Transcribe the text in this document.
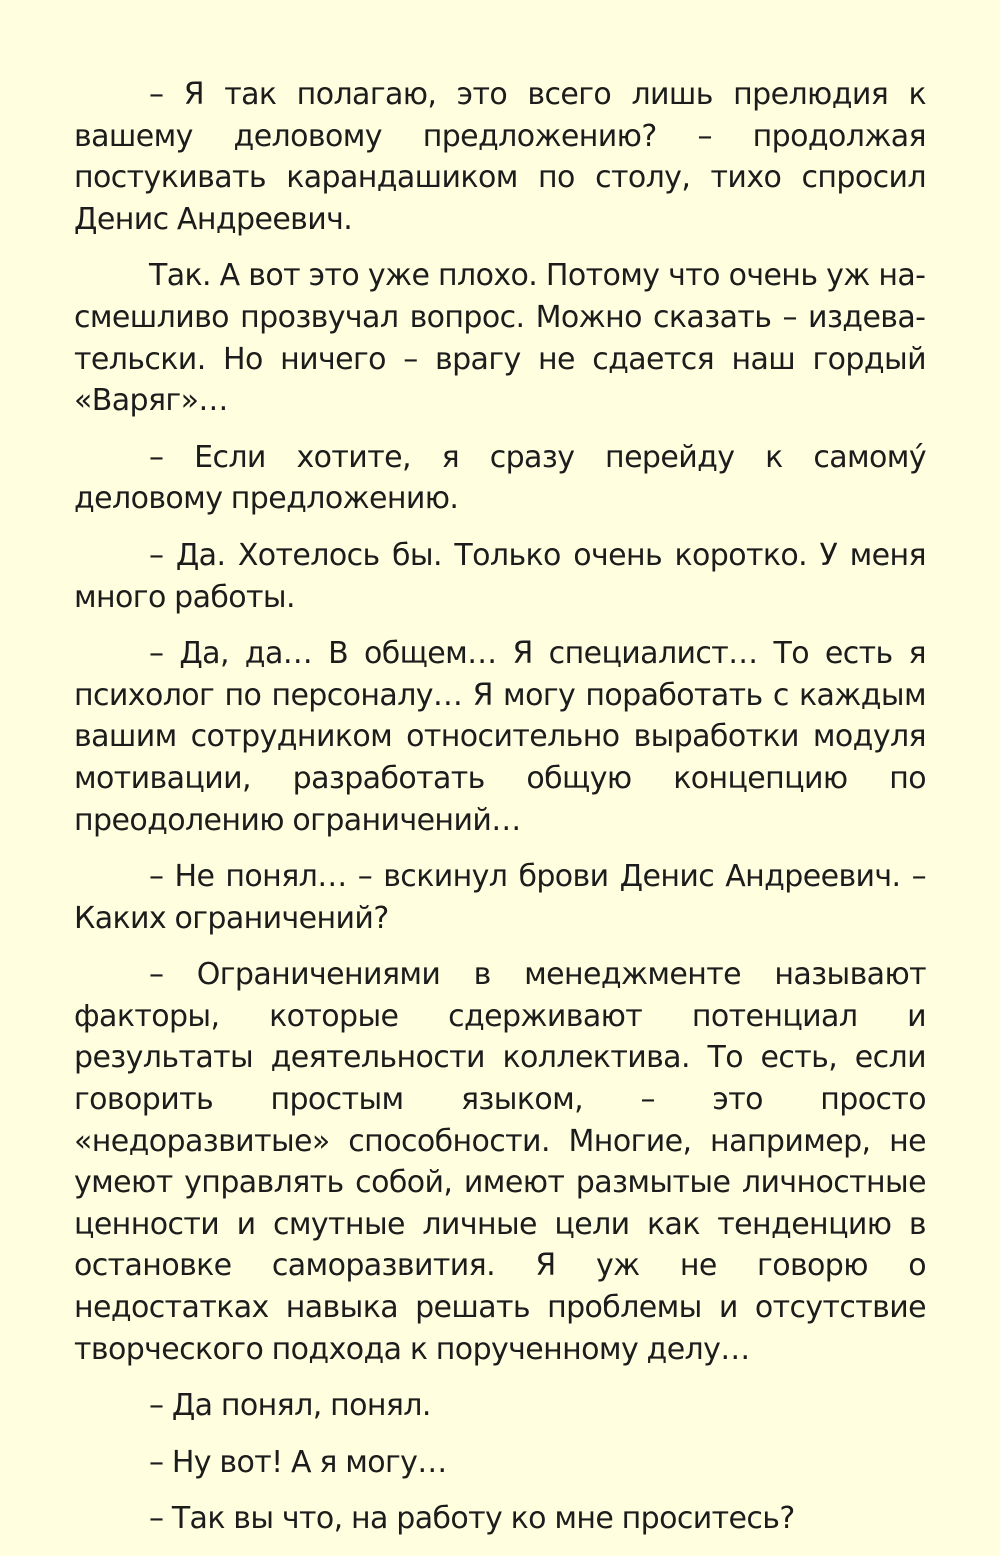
– Я так полагаю, это всего лишь прелюдия к вашему деловому предложению? – продолжая постукивать карандашиком по столу, тихо спросил Денис Андреевич.

Так. А вот это уже плохо. Потому что очень уж насмешливо прозвучал вопрос. Можно сказать – издевательски. Но ничего – врагу не сдается наш гордый «Варяг»…

– Если хотите, я сразу перейду к самому́ деловому предложению.

– Да. Хотелось бы. Только очень коротко. У меня много работы.

– Да, да… В общем… Я специалист… То есть я психолог по персоналу… Я могу поработать с каждым вашим сотрудником относительно выработки модуля мотивации, разработать общую концепцию по преодолению ограничений…

– Не понял… – вскинул брови Денис Андреевич. – Каких ограничений?

– Ограничениями в менеджменте называют факторы, которые сдерживают потенциал и результаты деятельности коллектива. То есть, если говорить простым языком, – это просто «недоразвитые» способности. Многие, например, не умеют управлять собой, имеют размытые личностные ценности и смутные личные цели как тенденцию в остановке саморазвития. Я уж не говорю о недостатках навыка решать проблемы и отсутствие творческого подхода к порученному делу…

– Да понял, понял.

– Ну вот! А я могу…

– Так вы что, на работу ко мне проситесь?
